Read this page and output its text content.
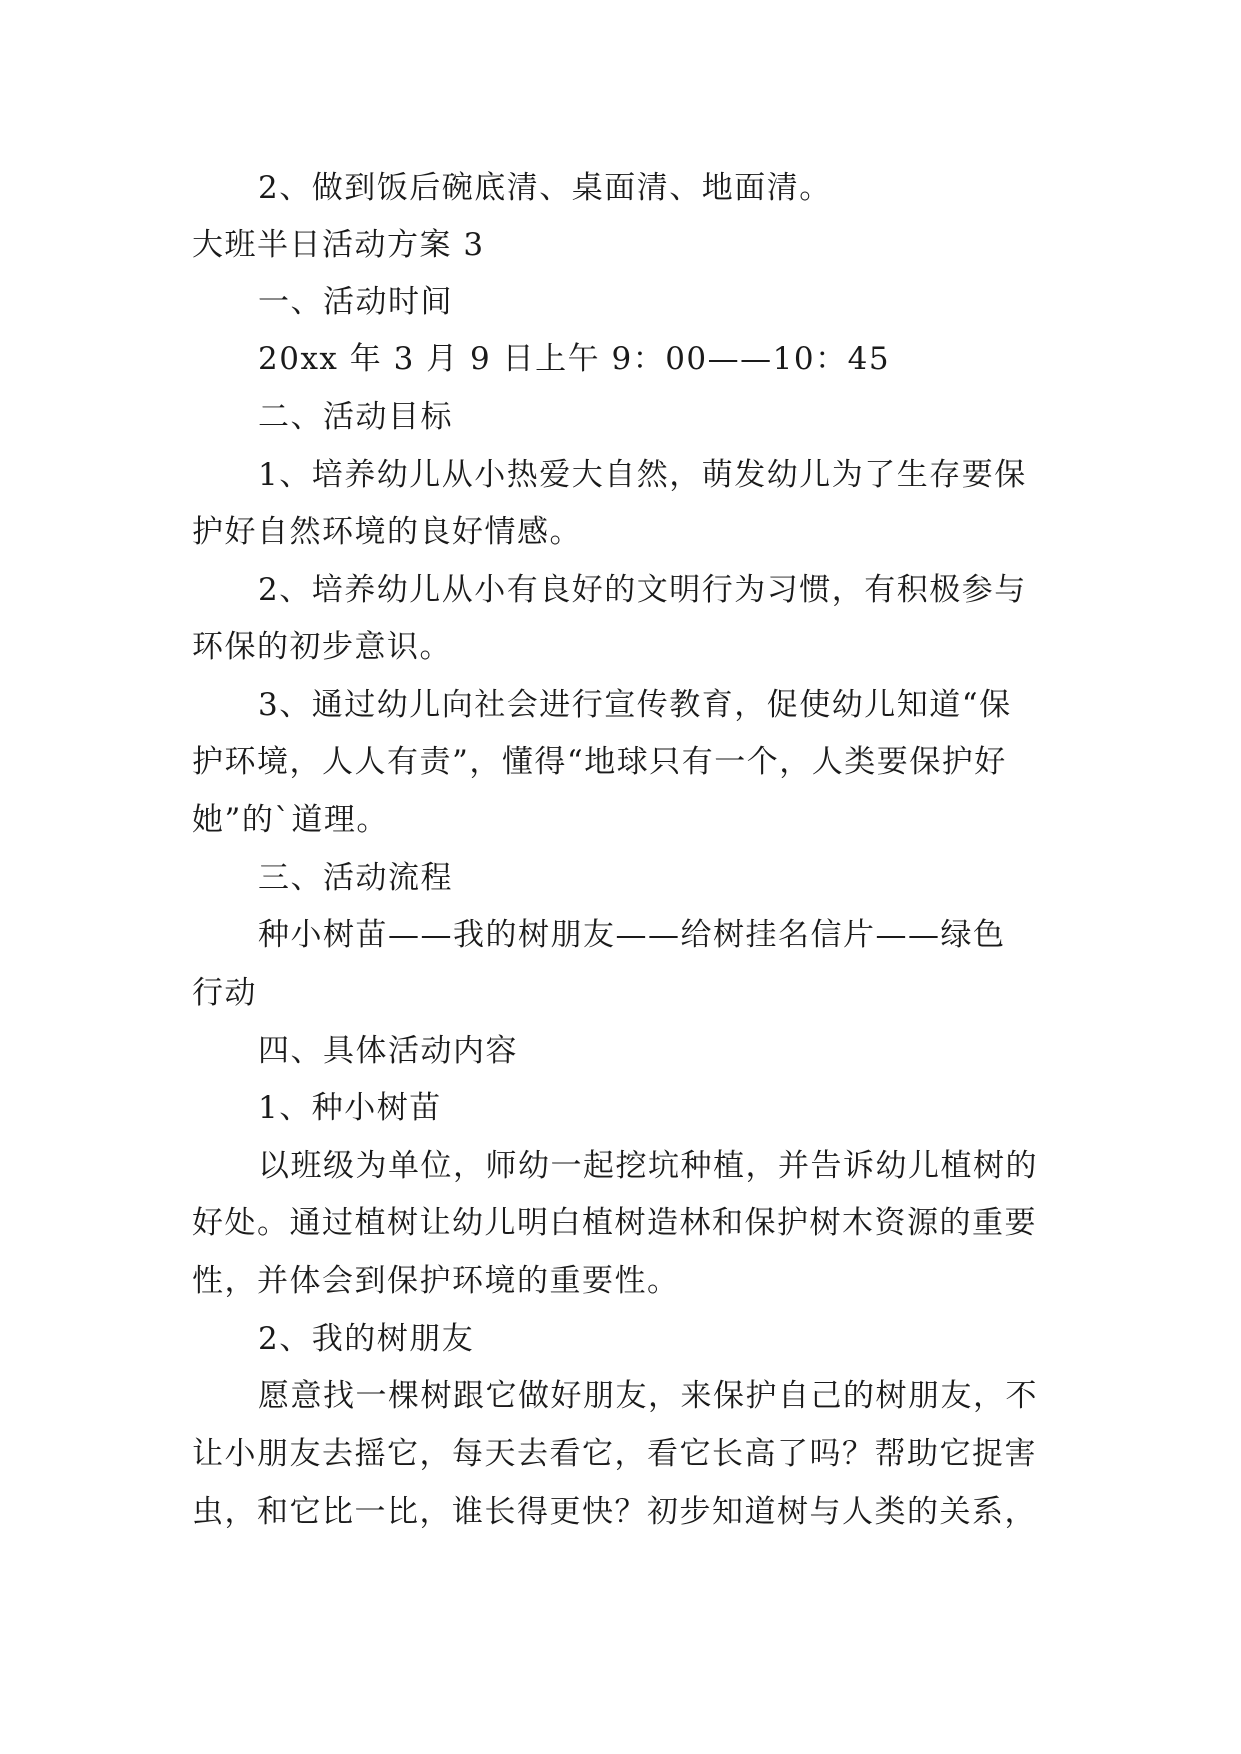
2、做到饭后碗底清、桌面清、地面清。
大班半日活动方案 3
一、活动时间
20xx 年 3 月 9 日上午 9：00——10：45
二、活动目标
1、培养幼儿从小热爱大自然，萌发幼儿为了生存要保
护好自然环境的良好情感。
2、培养幼儿从小有良好的文明行为习惯，有积极参与
环保的初步意识。
3、通过幼儿向社会进行宣传教育，促使幼儿知道“保
护环境，人人有责”，懂得“地球只有一个，人类要保护好
她”的`道理。
三、活动流程
种小树苗——我的树朋友——给树挂名信片——绿色
行动
四、具体活动内容
1、种小树苗
以班级为单位，师幼一起挖坑种植，并告诉幼儿植树的
好处。通过植树让幼儿明白植树造林和保护树木资源的重要
性，并体会到保护环境的重要性。
2、我的树朋友
愿意找一棵树跟它做好朋友，来保护自己的树朋友，不
让小朋友去摇它，每天去看它，看它长高了吗？帮助它捉害
虫，和它比一比，谁长得更快？初步知道树与人类的关系，
